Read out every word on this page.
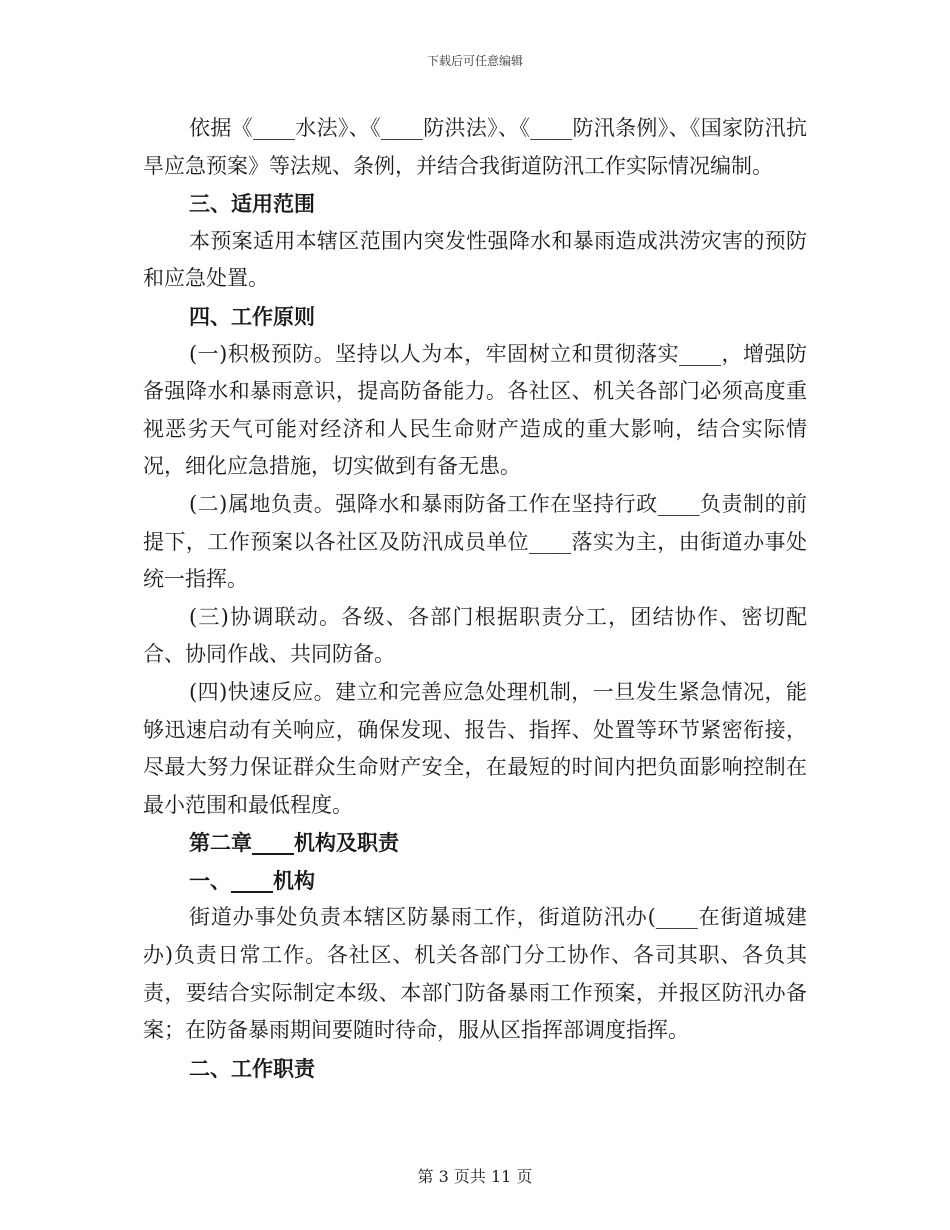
下载后可任意编辑

依据《____水法》、《____防洪法》、《____防汛条例》、《国家防汛抗旱应急预案》等法规、条例，并结合我街道防汛工作实际情况编制。

三、适用范围

本预案适用本辖区范围内突发性强降水和暴雨造成洪涝灾害的预防和应急处置。

四、工作原则

(一)积极预防。坚持以人为本，牢固树立和贯彻落实____，增强防备强降水和暴雨意识，提高防备能力。各社区、机关各部门必须高度重视恶劣天气可能对经济和人民生命财产造成的重大影响，结合实际情况，细化应急措施，切实做到有备无患。

(二)属地负责。强降水和暴雨防备工作在坚持行政____负责制的前提下，工作预案以各社区及防汛成员单位____落实为主，由街道办事处统一指挥。

(三)协调联动。各级、各部门根据职责分工，团结协作、密切配合、协同作战、共同防备。

(四)快速反应。建立和完善应急处理机制，一旦发生紧急情况，能够迅速启动有关响应，确保发现、报告、指挥、处置等环节紧密衔接，尽最大努力保证群众生命财产安全，在最短的时间内把负面影响控制在最小范围和最低程度。

第二章____机构及职责

一、____机构

街道办事处负责本辖区防暴雨工作，街道防汛办(____在街道城建办)负责日常工作。各社区、机关各部门分工协作、各司其职、各负其责，要结合实际制定本级、本部门防备暴雨工作预案，并报区防汛办备案；在防备暴雨期间要随时待命，服从区指挥部调度指挥。

二、工作职责

第 3 页共 11 页
